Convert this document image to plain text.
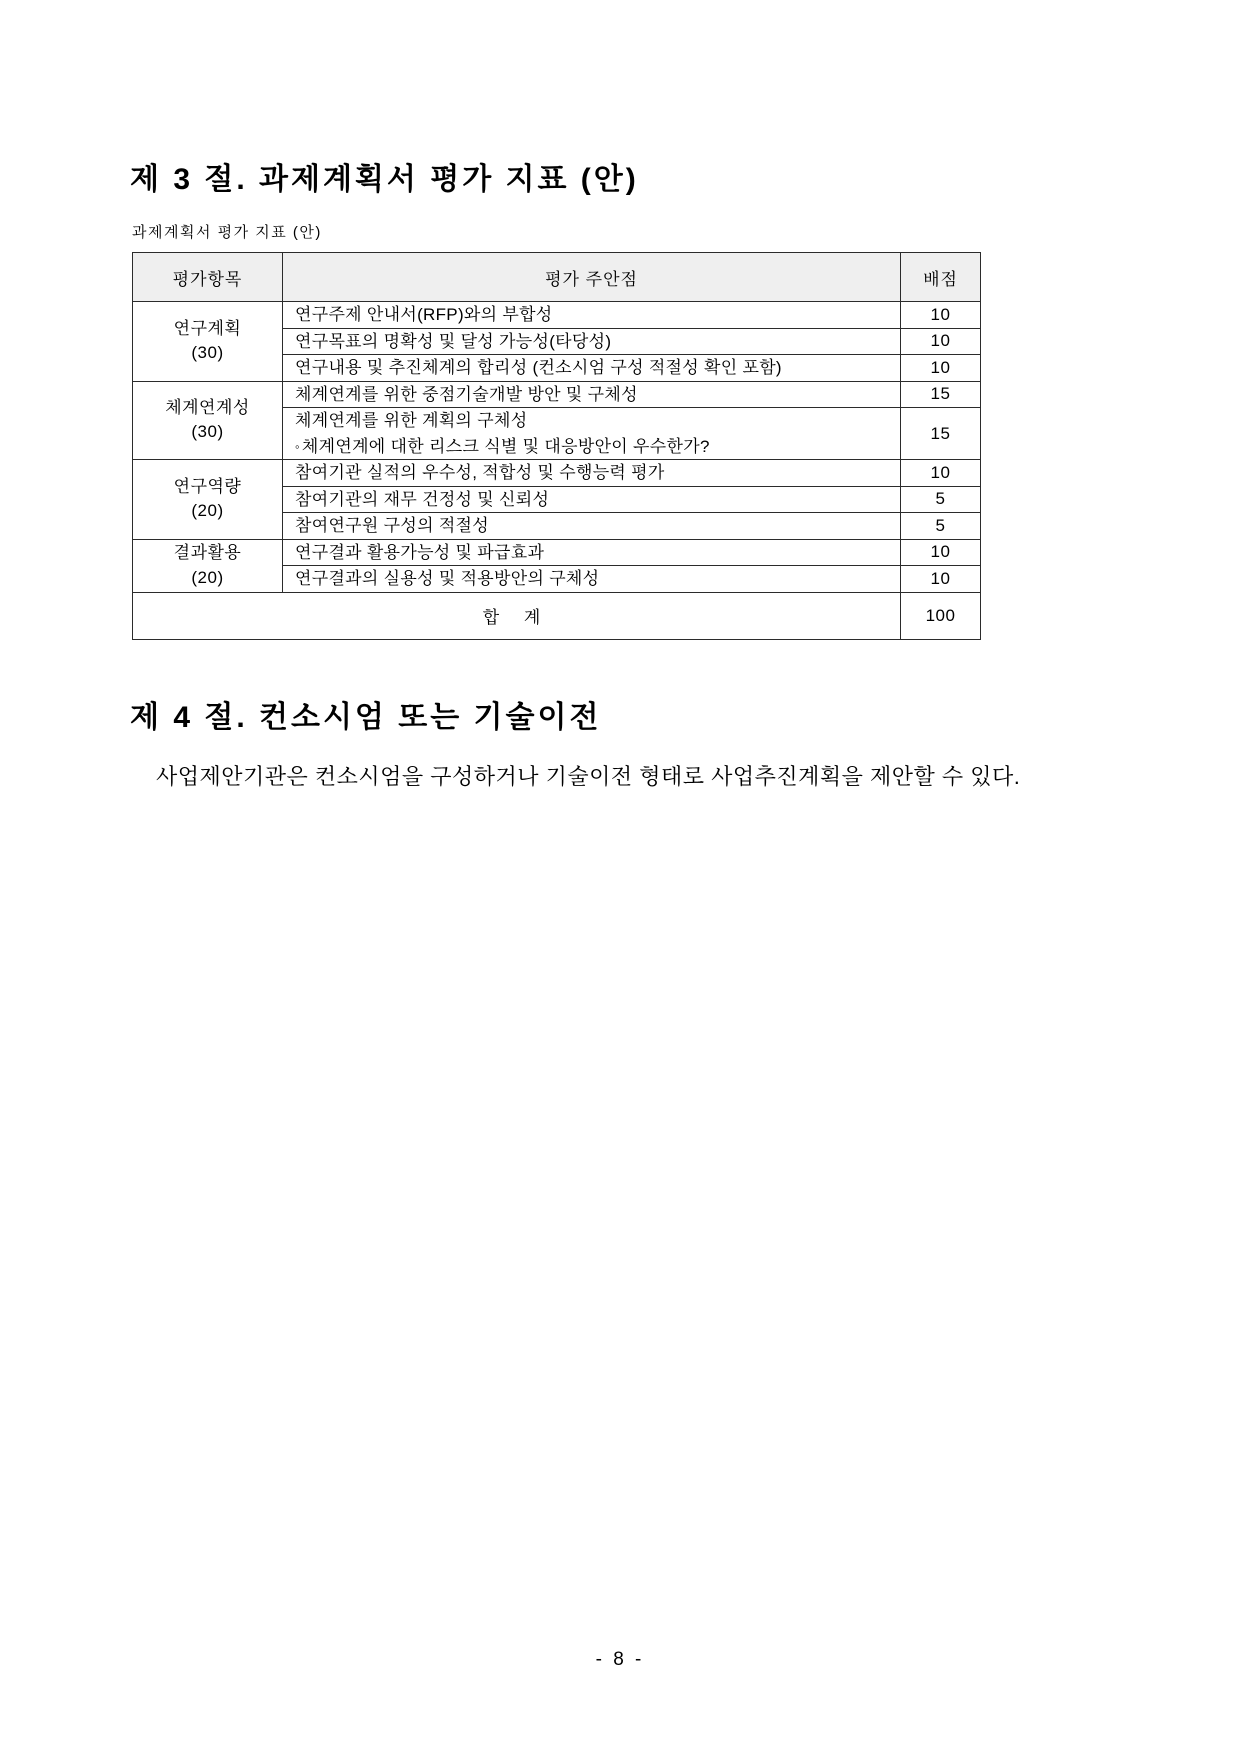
제 3 절. 과제계획서 평가 지표 (안)
과제계획서 평가 지표 (안)
평가항목	평가 주안점	배점

연구계획
(30)	연구주제 안내서(RFP)와의 부합성	10
	연구목표의 명확성 및 달성 가능성(타당성)	10
	연구내용 및 추진체계의 합리성 (컨소시엄 구성 적절성 확인 포함)	10

체계연계성
(30)	체계연계를 위한 중점기술개발 방안 및 구체성	15

	체계연계를 위한 계획의 구체성
◦ 체계연계에 대한 리스크 식별 및 대응방안이 우수한가?	15

연구역량
(20)	참여기관 실적의 우수성, 적합성 및 수행능력 평가	10
	참여기관의 재무 건정성 및 신뢰성	5
	참여연구원 구성의 적절성	5

결과활용
(20)	연구결과 활용가능성 및 파급효과	10
	연구결과의 실용성 및 적용방안의 구체성	10
합 계		100
제 4 절. 컨소시엄 또는 기술이전

사업제안기관은 컨소시엄을 구성하거나 기술이전 형태로 사업추진계획을 제안할 수 있다.

- 8 -
